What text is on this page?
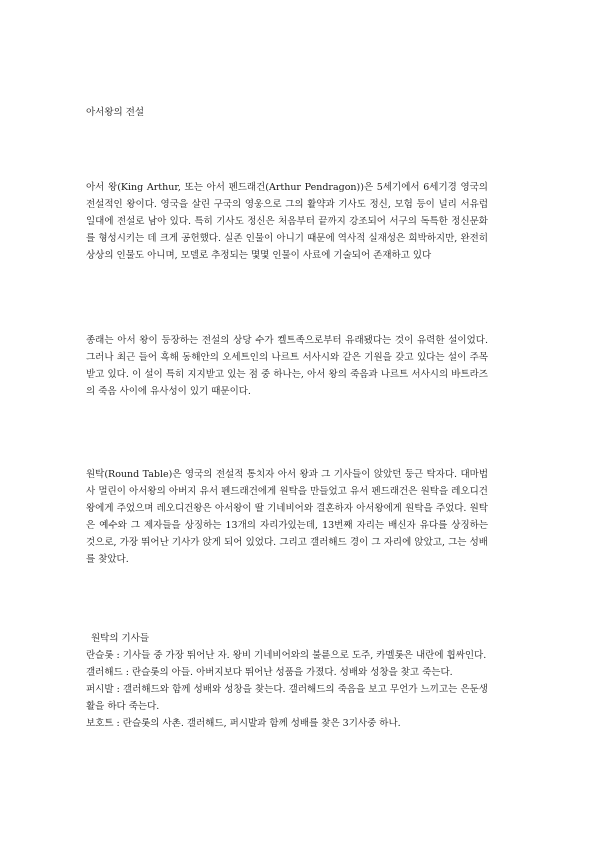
아서왕의 전설

아서 왕(King Arthur, 또는 아서 펜드래건(Arthur Pendragon))은 5세기에서 6세기경 영국의 전설적인 왕이다. 영국을 살린 구국의 영웅으로 그의 활약과 기사도 정신, 모험 등이 널리 서유럽 일대에 전설로 남아 있다. 특히 기사도 정신은 처음부터 끝까지 강조되어 서구의 독특한 정신문화를 형성시키는 데 크게 공헌했다. 실존 인물이 아니기 때문에 역사적 실재성은 희박하지만, 완전히 상상의 인물도 아니며, 모델로 추정되는 몇몇 인물이 사료에 기술되어 존재하고 있다

종래는 아서 왕이 등장하는 전설의 상당 수가 켈트족으로부터 유래됐다는 것이 유력한 설이었다. 그러나 최근 들어 흑해 동해안의 오세트인의 나르트 서사시와 같은 기원을 갖고 있다는 설이 주목받고 있다. 이 설이 특히 지지받고 있는 점 중 하나는, 아서 왕의 죽음과 나르트 서사시의 바트라즈의 죽음 사이에 유사성이 있기 때문이다.

원탁(Round Table)은 영국의 전설적 통치자 아서 왕과 그 기사들이 앉았던 둥근 탁자다. 대마법사 멀린이 아서왕의 아버지 유서 펜드래건에게 원탁을 만들었고 유서 펜드래건은 원탁을 레오디건왕에게 주었으며 레오디건왕은 아서왕이 딸 기네비어와 결혼하자 아서왕에게 원탁을 주었다. 원탁은 예수와 그 제자들을 상징하는 13개의 자리가있는데, 13번째 자리는 배신자 유다를 상징하는 것으로, 가장 뛰어난 기사가 앉게 되어 있었다. 그리고 갤러해드 경이 그 자리에 앉았고, 그는 성배를 찾았다.

원탁의 기사들
란슬롯 : 기사들 중 가장 뛰어난 자. 왕비 기네비어와의 불륜으로 도주, 카멜롯은 내란에 휩싸인다.
갤러해드 : 란슬롯의 아들. 아버지보다 뛰어난 성품을 가졌다. 성배와 성창을 찾고 죽는다.
퍼시발 : 갤러해드와 함께 성배와 성창을 찾는다. 갤러해드의 죽음을 보고 무언가 느끼고는 은둔생활을 하다 죽는다.
보호트 : 란슬롯의 사촌. 갤러해드, 퍼시발과 함께 성배를 찾은 3기사중 하나.
